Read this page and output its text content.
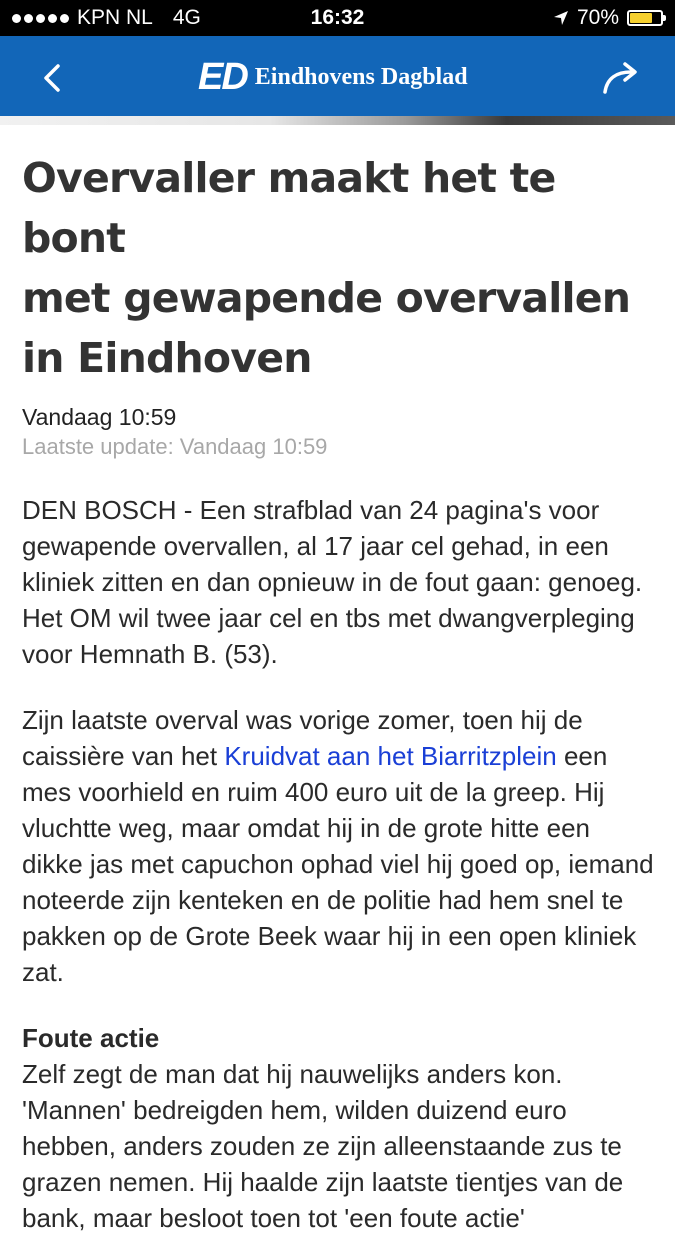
KPN NL 4G	16:32	70%
ED Eindhovens Dagblad
Overvaller maakt het te bont
met gewapende overvallen
in Eindhoven
Vandaag 10:59
Laatste update: Vandaag 10:59

DEN BOSCH - Een strafblad van 24 pagina's voor gewapende overvallen, al 17 jaar cel gehad, in een kliniek zitten en dan opnieuw in de fout gaan: genoeg. Het OM wil twee jaar cel en tbs met dwangverpleging voor Hemnath B. (53).

Zijn laatste overval was vorige zomer, toen hij de caissière van het Kruidvat aan het Biarritzplein een mes voorhield en ruim 400 euro uit de la greep. Hij vluchtte weg, maar omdat hij in de grote hitte een dikke jas met capuchon ophad viel hij goed op, iemand noteerde zijn kenteken en de politie had hem snel te pakken op de Grote Beek waar hij in een open kliniek zat.

Foute actie

Zelf zegt de man dat hij nauwelijks anders kon. 'Mannen' bedreigden hem, wilden duizend euro hebben, anders zouden ze zijn alleenstaande zus te grazen nemen. Hij haalde zijn laatste tientjes van de bank, maar besloot toen tot 'een foute actie'
